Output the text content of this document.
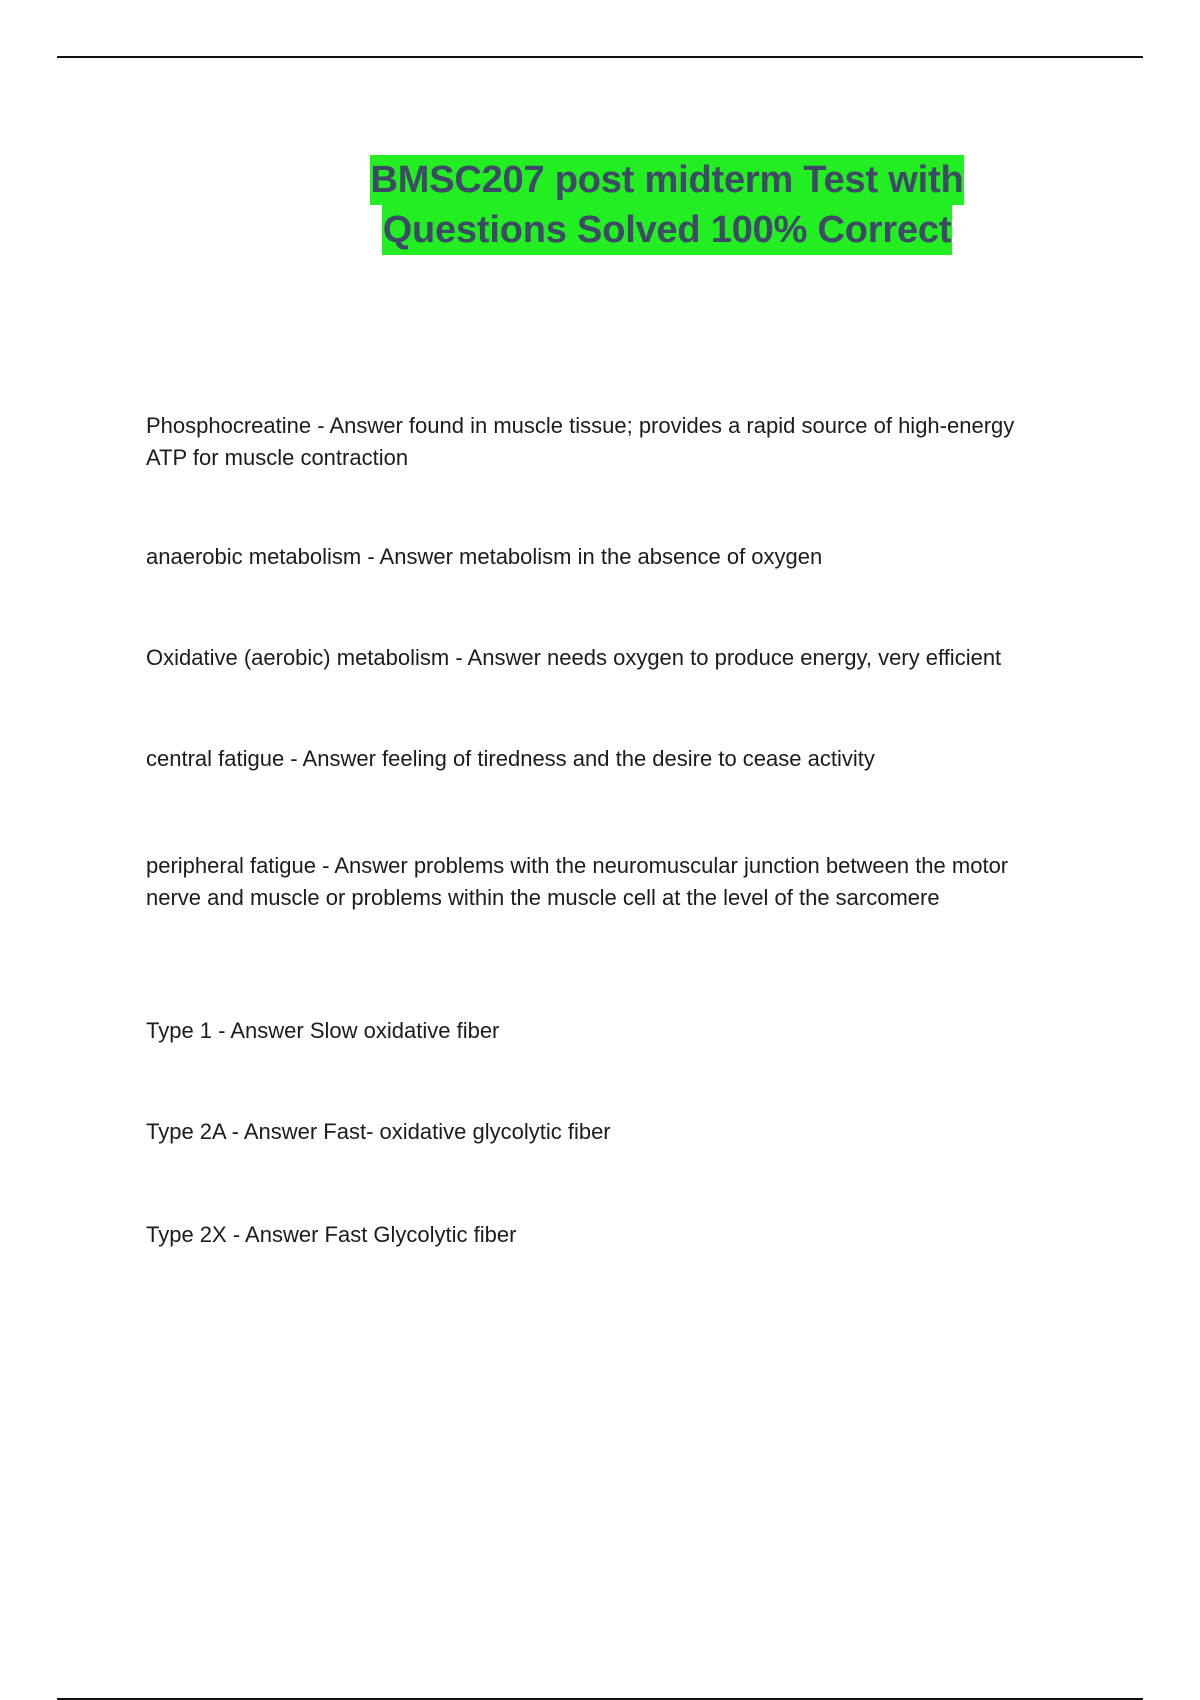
BMSC207 post midterm Test with
Questions Solved 100% Correct
Phosphocreatine - Answer found in muscle tissue; provides a rapid source of high-energy ATP for muscle contraction
anaerobic metabolism - Answer metabolism in the absence of oxygen
Oxidative (aerobic) metabolism - Answer needs oxygen to produce energy, very efficient
central fatigue - Answer feeling of tiredness and the desire to cease activity
peripheral fatigue - Answer problems with the neuromuscular junction between the motor nerve and muscle or problems within the muscle cell at the level of the sarcomere
Type 1 - Answer Slow oxidative fiber
Type 2A - Answer Fast- oxidative glycolytic fiber
Type 2X - Answer Fast Glycolytic fiber
